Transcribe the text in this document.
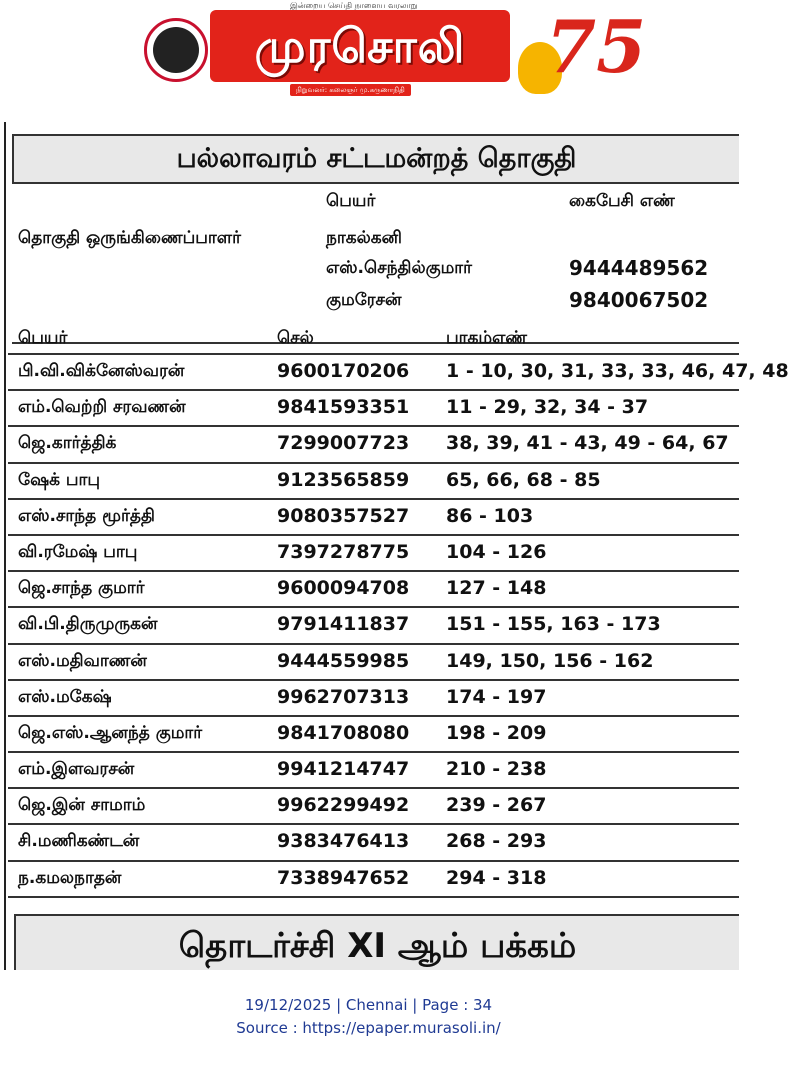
இன்றைய செய்தி நாளைய வரலாறு
முரசொலி
நிறுவனர்: கலைஞர் மு.கருணாநிதி
75
பல்லாவரம் சட்டமன்றத் தொகுதி
பெயர்	கைபேசி எண்
தொகுதி ஒருங்கிணைப்பாளர்	நாகல்கனி
எஸ்.செந்தில்குமார்	9444489562
குமரேசன்	9840067502
பெயர்	செல்	பாகம்எண்
பி.வி.விக்னேஸ்வரன்	9600170206 1 - 10, 30, 31, 33, 33, 46, 47, 48
எம்.வெற்றி சரவணன்	9841593351 11 - 29, 32, 34 - 37
ஜெ.கார்த்திக்	7299007723 38, 39, 41 - 43, 49 - 64, 67
ஷேக் பாபு	9123565859 65, 66, 68 - 85
எஸ்.சாந்த மூர்த்தி	9080357527 86 - 103
வி.ரமேஷ் பாபு	7397278775 104 - 126
ஜெ.சாந்த குமார்	9600094708 127 - 148
வி.பி.திருமுருகன்	9791411837 151 - 155, 163 - 173
எஸ்.மதிவாணன்	9444559985 149, 150, 156 - 162
எஸ்.மகேஷ்	9962707313 174 - 197
ஜெ.எஸ்.ஆனந்த் குமார்	9841708080 198 - 209
எம்.இளவரசன்	9941214747 210 - 238
ஜெ.இன் சாமாம்	9962299492 239 - 267
சி.மணிகண்டன்	9383476413 268 - 293
ந.கமலநாதன்	7338947652 294 - 318
தொடர்ச்சி XI ஆம் பக்கம்
19/12/2025 | Chennai | Page : 34
Source : https://epaper.murasoli.in/
